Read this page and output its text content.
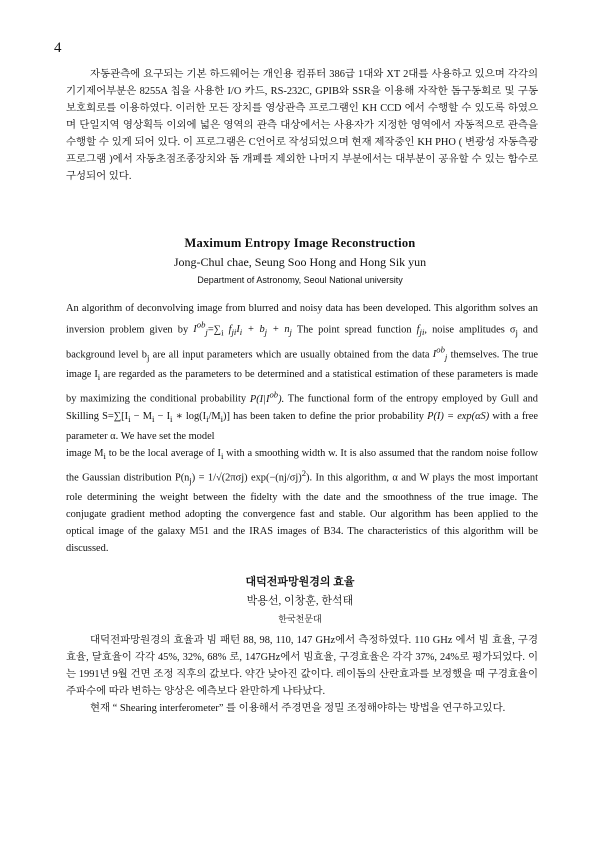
4

자동관측에 요구되는 기본 하드웨어는 개인용 컴퓨터 386급 1대와 XT 2대를 사용하고 있으며 각각의 기기제어부분은 8255A 칩을 사용한 I/O 카드, RS-232C, GPIB와 SSR을 이용해 자작한 돔구동회로 및 구동보호회로를 이용하였다. 이러한 모든 장치를 영상관측 프로그램인 KH CCD 에서 수행할 수 있도록 하였으며 단일지역 영상획득 이외에 넓은 영역의 관측 대상에서는 사용자가 지정한 영역에서 자동적으로 관측을 수행할 수 있게 되어 있다. 이 프로그램은 C언어로 작성되었으며 현재 제작중인 KH PHO ( 변광성 자동측광 프로그램 )에서 자동초점조종장치와 돔 개폐를 제외한 나머지 부분에서는 대부분이 공유할 수 있는 함수로 구성되어 있다.

Maximum Entropy Image Reconstruction
Jong-Chul chae, Seung Soo Hong and Hong Sik yun
Department of Astronomy, Seoul National university

An algorithm of deconvolving image from blurred and noisy data has been developed. This algorithm solves an inversion problem given by $I^{ob}_j=\sum_i$ $f_{ji}I_i + b_j + n_j$ The point spread function $f_{ji}$, noise amplitudes $\sigma_j$ and background level $b_j$ are all input parameters which are usually obtained from the data $I^{ob}_j$ themselves. The true image $I_i$ are regarded as the parameters to be determined and a statistical estimation of these parameters is made by maximizing the conditional probability $P(I|I^{ob})$. The functional form of the entropy employed by Gull and Skilling $S=\sum[I_i - M_i - I_i$ ∗ $\log(I_i/M_i)$] has been taken to define the prior probability P(I) = exp(αS) with a free parameter α. We have set the model
image $M_i$ to be the local average of $I_i$ with a smoothing width w. It is also assumed that the random noise follow the Gaussian distribution $P(n_j) = 1/√(2\pi\sigma j)$ $\exp(-(nj/\sigma j)^2)$. In this algorithm, α and W plays the most important role determining the weight between the fidelty with the date and the smoothness of the true image. The conjugate gradient method adopting the convergence fast and stable. Our algorithm has been applied to the optical image of the galaxy M51 and the IRAS images of B34. The characteristics of this algorithm will be discussed.

대덕전파망원경의 효율
박용선, 이창훈, 한석태
한국천문대

대덕전파망원경의 효율과 빔 패턴 88, 98, 110, 147 GHz에서 측정하였다. 110 GHz 에서 빔 효율, 구경효율, 달효율이 각각 45%, 32%, 68% 로, 147GHz에서 빔효율, 구경효율은 각각 37%, 24%로 평가되었다. 이는 1991년 9월 건면 조정 직후의 값보다. 약간 낮아진 값이다. 레이돔의 산란효과를 보정했을 때 구경효율이 주파수에 따라 변하는 양상은 예측보다 완만하게 나타났다.
현재 “ Shearing interferometer” 를 이용해서 주경면을 정밀 조정해야하는 방법을 연구하고있다.
